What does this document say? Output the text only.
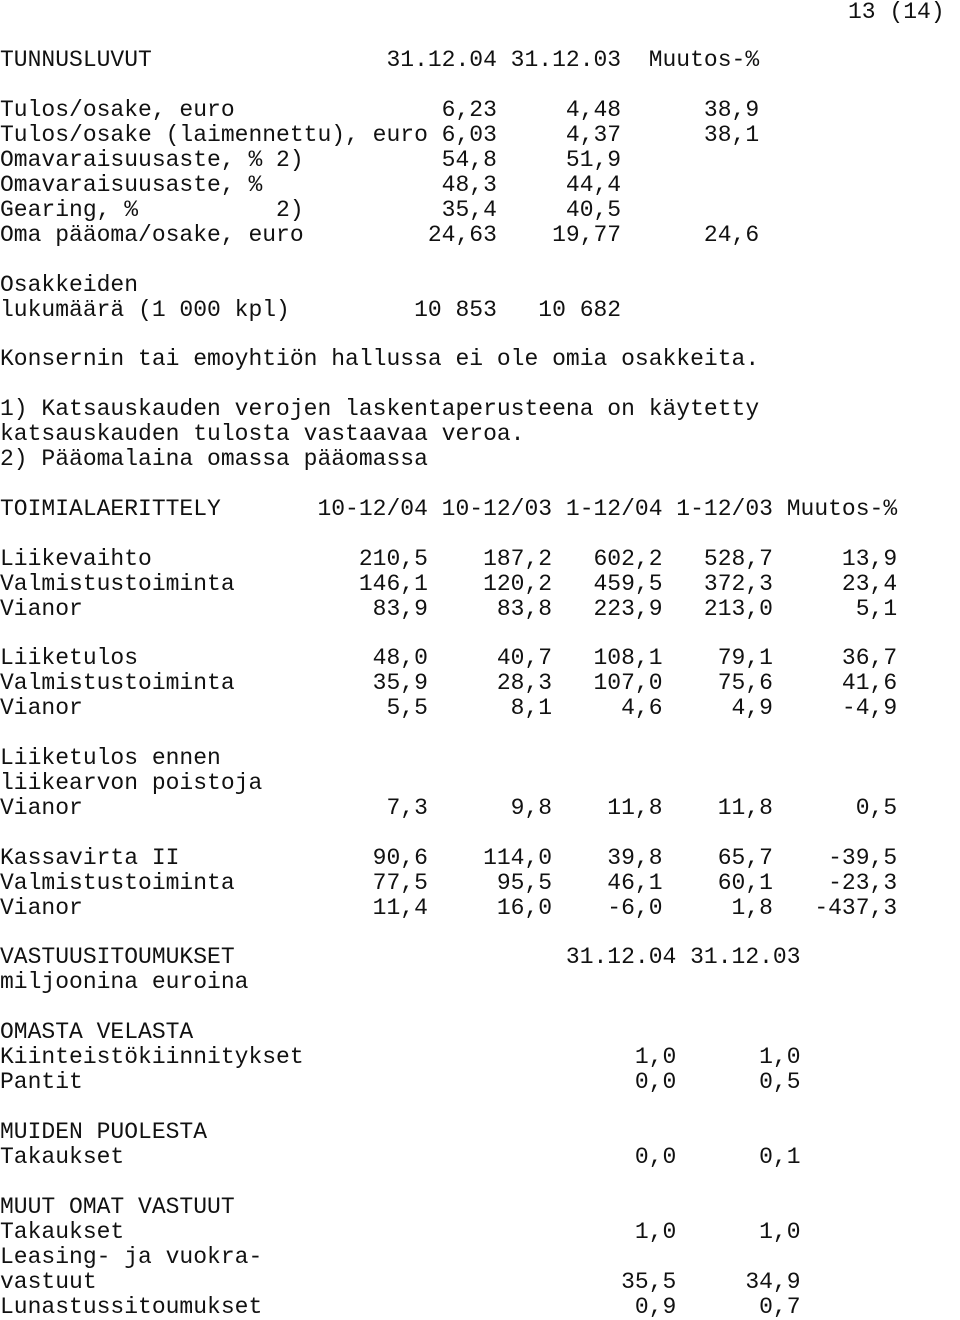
13 (14)
TUNNUSLUVUT                 31.12.04 31.12.03  Muutos-%
Tulos/osake, euro               6,23     4,48      38,9
Tulos/osake (laimennettu), euro 6,03     4,37      38,1
Omavaraisuusaste, % 2)          54,8     51,9
Omavaraisuusaste, %             48,3     44,4
Gearing, %          2)          35,4     40,5
Oma pääoma/osake, euro         24,63    19,77      24,6
Osakkeiden
lukumäärä (1 000 kpl)         10 853   10 682
Konsernin tai emoyhtiön hallussa ei ole omia osakkeita.
1) Katsauskauden verojen laskentaperusteena on käytetty
katsauskauden tulosta vastaavaa veroa.
2) Pääomalaina omassa pääomassa
TOIMIALAERITTELY       10-12/04 10-12/03 1-12/04 1-12/03 Muutos-%
Liikevaihto               210,5    187,2   602,2   528,7     13,9
Valmistustoiminta         146,1    120,2   459,5   372,3     23,4
Vianor                     83,9     83,8   223,9   213,0      5,1
Liiketulos                 48,0     40,7   108,1    79,1     36,7
Valmistustoiminta          35,9     28,3   107,0    75,6     41,6
Vianor                      5,5      8,1     4,6     4,9     -4,9
Liiketulos ennen
liikearvon poistoja
Vianor                      7,3      9,8    11,8    11,8      0,5
Kassavirta II              90,6    114,0    39,8    65,7    -39,5
Valmistustoiminta          77,5     95,5    46,1    60,1    -23,3
Vianor                     11,4     16,0    -6,0     1,8   -437,3
VASTUUSITOUMUKSET                        31.12.04 31.12.03
miljoonina euroina
OMASTA VELASTA
Kiinteistökiinnitykset                        1,0      1,0
Pantit                                        0,0      0,5
MUIDEN PUOLESTA
Takaukset                                     0,0      0,1
MUUT OMAT VASTUUT
Takaukset                                     1,0      1,0
Leasing- ja vuokra-
vastuut                                      35,5     34,9
Lunastussitoumukset                           0,9      0,7
